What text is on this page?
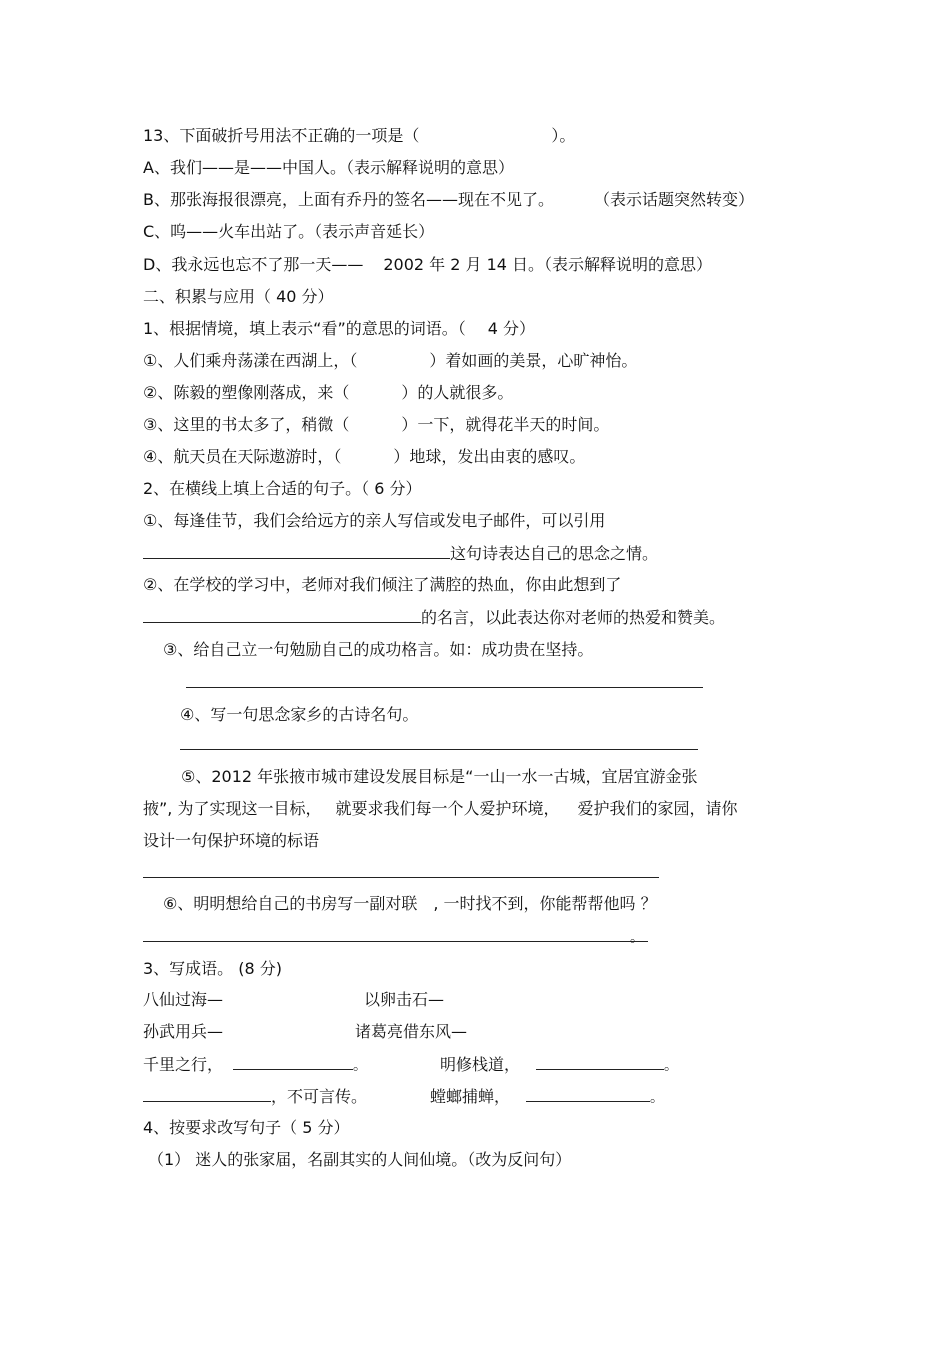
13、下面破折号用法不正确的一项是（	）。
A、我们——是——中国人。（表示解释说明的意思）
B、那张海报很漂亮，上面有乔丹的签名——现在不见了。	（表示话题突然转变）
C、呜——火车出站了。（表示声音延长）
D、我永远也忘不了那一天—— 2002 年 2 月 14 日。（表示解释说明的意思）
二、积累与应用（ 40 分）
1、根据情境，填上表示“看”的意思的词语。（ 4 分）
①、人们乘舟荡漾在西湖上，（	）着如画的美景，心旷神怡。
②、陈毅的塑像刚落成，来（	）的人就很多。
③、这里的书太多了，稍微（	）一下，就得花半天的时间。
④、航天员在天际遨游时，（	）地球，发出由衷的感叹。
2、在横线上填上合适的句子。（ 6 分）
①、每逢佳节，我们会给远方的亲人写信或发电子邮件，可以引用
这句诗表达自己的思念之情。
②、在学校的学习中，老师对我们倾注了满腔的热血，你由此想到了
的名言，以此表达你对老师的热爱和赞美。
③、给自己立一句勉励自己的成功格言。如：成功贵在坚持。
④、写一句思念家乡的古诗名句。
⑤、2012 年张掖市城市建设发展目标是“一山一水一古城，宜居宜游金张
掖”, 为了实现这一目标， 就要求我们每一个人爱护环境， 爱护我们的家园，请你
设计一句保护环境的标语
⑥、明明想给自己的书房写一副对联 , 一时找不到，你能帮帮他吗 ？
。
3、写成语。 (8 分)
八仙过海—	以卵击石—
孙武用兵—	诸葛亮借东风—
千里之行，	。	明修栈道，	。
，不可言传。	螳螂捕蝉，	。
4、按要求改写句子（ 5 分）
（1） 迷人的张家届，名副其实的人间仙境。（改为反问句）
